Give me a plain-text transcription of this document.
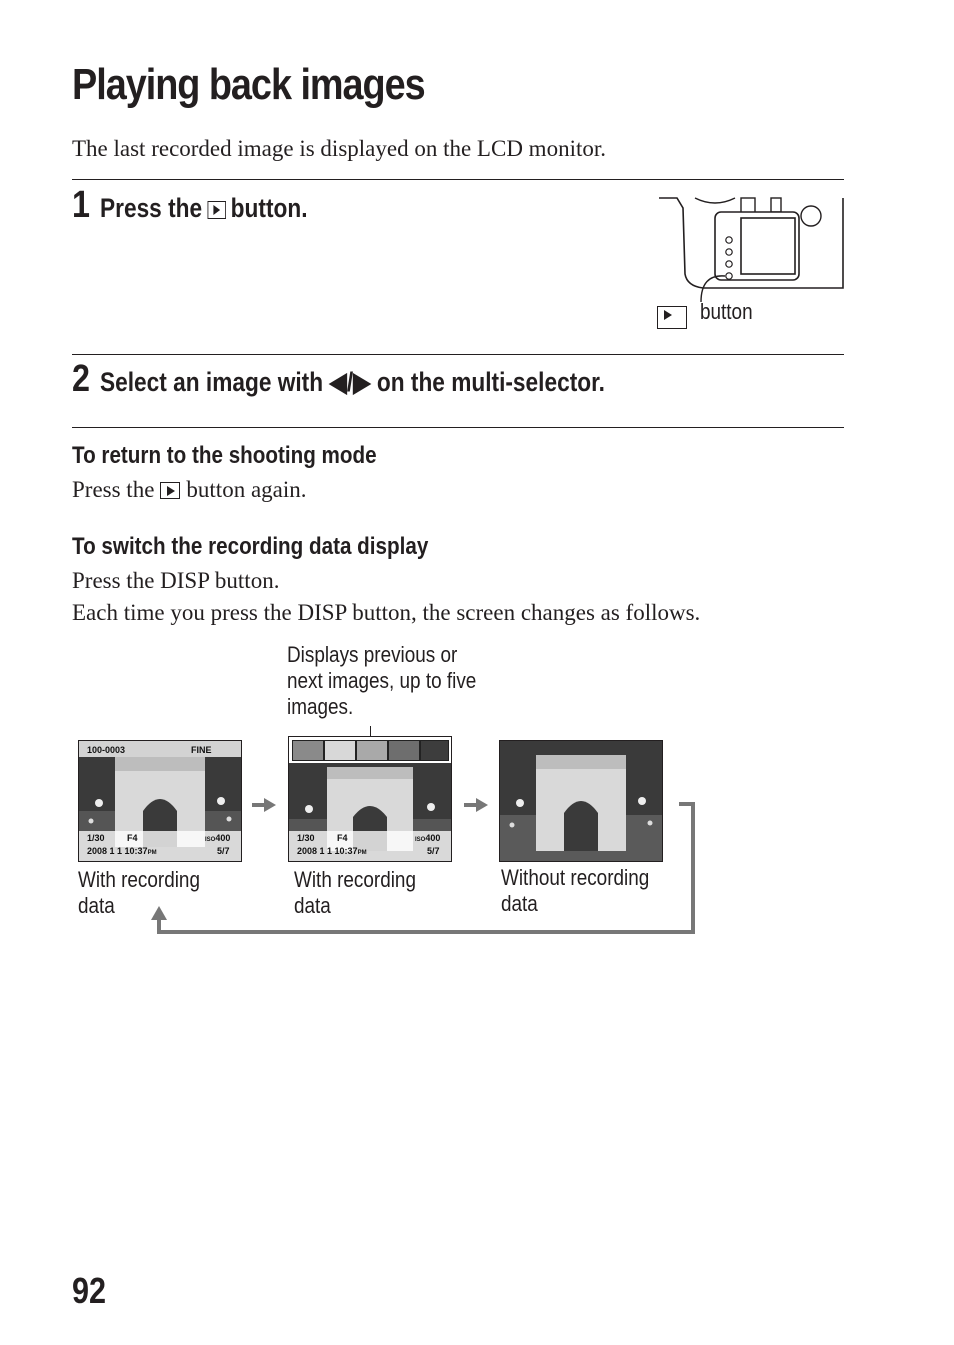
Playing back images
The last recorded image is displayed on the LCD monitor.
1 Press the button.
button
2 Select an image with ◀/▶ on the multi-selector.
To return to the shooting mode
Press the button again.
To switch the recording data display
Press the DISP button.
Each time you press the DISP button, the screen changes as follows.
Displays previous or
next images, up to five
images.
100-0003	FINE
1/30 F4	ISO400
2008 1 1 10:37PM	5/7
With recording
data
1/30 F4	ISO400
2008 1 1 10:37PM	5/7
With recording
data
Without recording
data
92
